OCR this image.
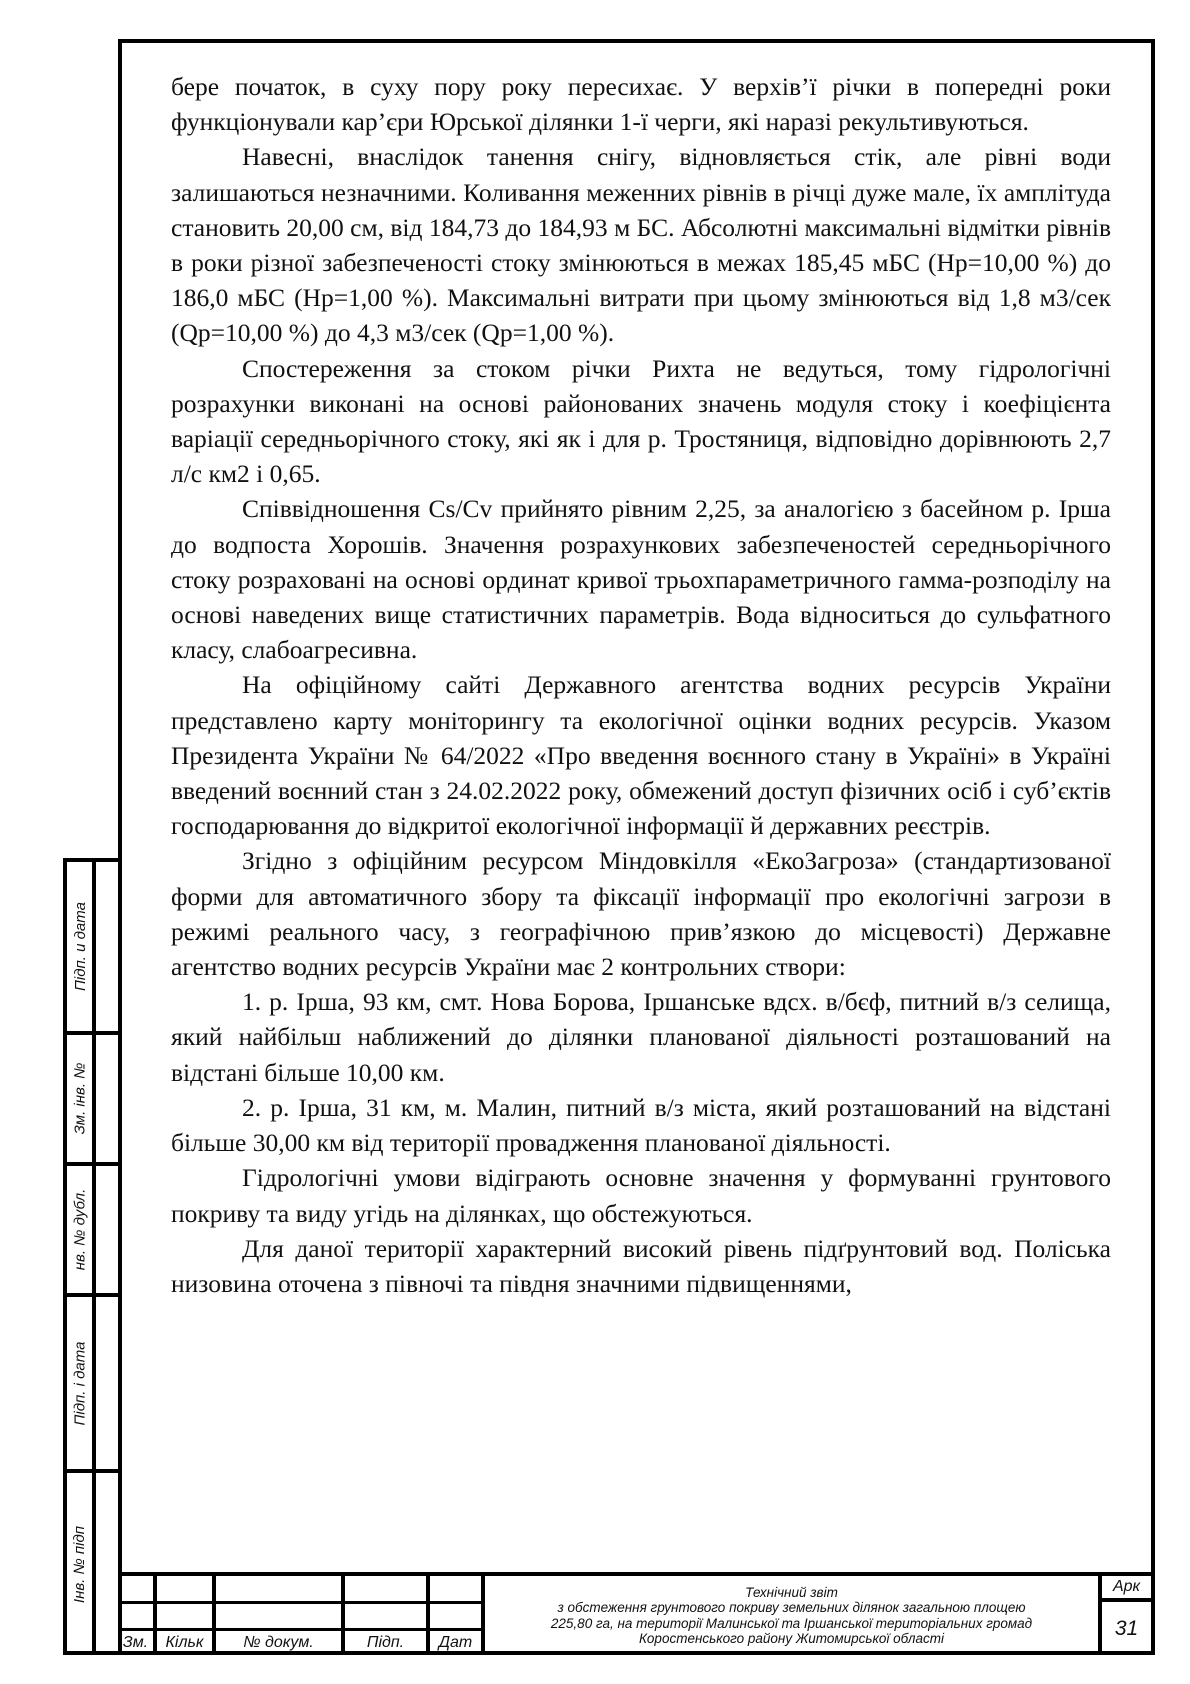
бере початок, в суху пору року пересихає. У верхів’ї річки в попередні роки функціонували кар’єри Юрської ділянки 1-ї черги, які наразі рекультивуються.

Навесні, внаслідок танення снігу, відновляється стік, але рівні води залишаються незначними. Коливання меженних рівнів в річці дуже мале, їх амплітуда становить 20,00 см, від 184,73 до 184,93 м БС. Абсолютні максимальні відмітки рівнів в роки різної забезпеченості стоку змінюються в межах 185,45 мБС (Hp=10,00 %) до 186,0 мБС (Hp=1,00 %). Максимальні витрати при цьому змінюються від 1,8 м3/сек (Qp=10,00 %) до 4,3 м3/сек (Qp=1,00 %).

Спостереження за стоком річки Рихта не ведуться, тому гідрологічні розрахунки виконані на основі районованих значень модуля стоку і коефіцієнта варіації середньорічного стоку, які як і для р. Тростяниця, відповідно дорівнюють 2,7 л/с км2 і 0,65.

Співвідношення Cs/Cv прийнято рівним 2,25, за аналогією з басейном р. Ірша до водпоста Хорошів. Значення розрахункових забезпеченостей середньорічного стоку розраховані на основі ординат кривої трьохпараметричного гамма-розподілу на основі наведених вище статистичних параметрів. Вода відноситься до сульфатного класу, слабоагресивна.

На офіційному сайті Державного агентства водних ресурсів України представлено карту моніторингу та екологічної оцінки водних ресурсів. Указом Президента України № 64/2022 «Про введення воєнного стану в Україні» в Україні введений воєнний стан з 24.02.2022 року, обмежений доступ фізичних осіб і суб’єктів господарювання до відкритої екологічної інформації й державних реєстрів.

Згідно з офіційним ресурсом Міндовкілля «ЕкоЗагроза» (стандартизованої форми для автоматичного збору та фіксації інформації про екологічні загрози в режимі реального часу, з географічною прив’язкою до місцевості) Державне агентство водних ресурсів України має 2 контрольних створи:

1. р. Ірша, 93 км, смт. Нова Борова, Іршанське вдсх. в/бєф, питний в/з селища, який найбільш наближений до ділянки планованої діяльності розташований на відстані більше 10,00 км.

2. р. Ірша, 31 км, м. Малин, питний в/з міста, який розташований на відстані більше 30,00 км від території провадження планованої діяльності.

Гідрологічні умови відіграють основне значення у формуванні грунтового покриву та виду угідь на ділянках, що обстежуються.

Для даної території характерний високий рівень підґрунтовий вод. Поліська низовина оточена з півночі та півдня значними підвищеннями,

Підп. и дата
Зм. інв. №
нв. № дубл.
Підп. і дата
Інв. № підп
Зм.	Кільк	№ докум.	Підп.	Дат
Технічний звіт
з обстеження грунтового покриву земельних ділянок загальною площею
225,80 га, на території Малинської та Іршанської територіальних громад
Коростенського району Житомирської області
Арк
31
